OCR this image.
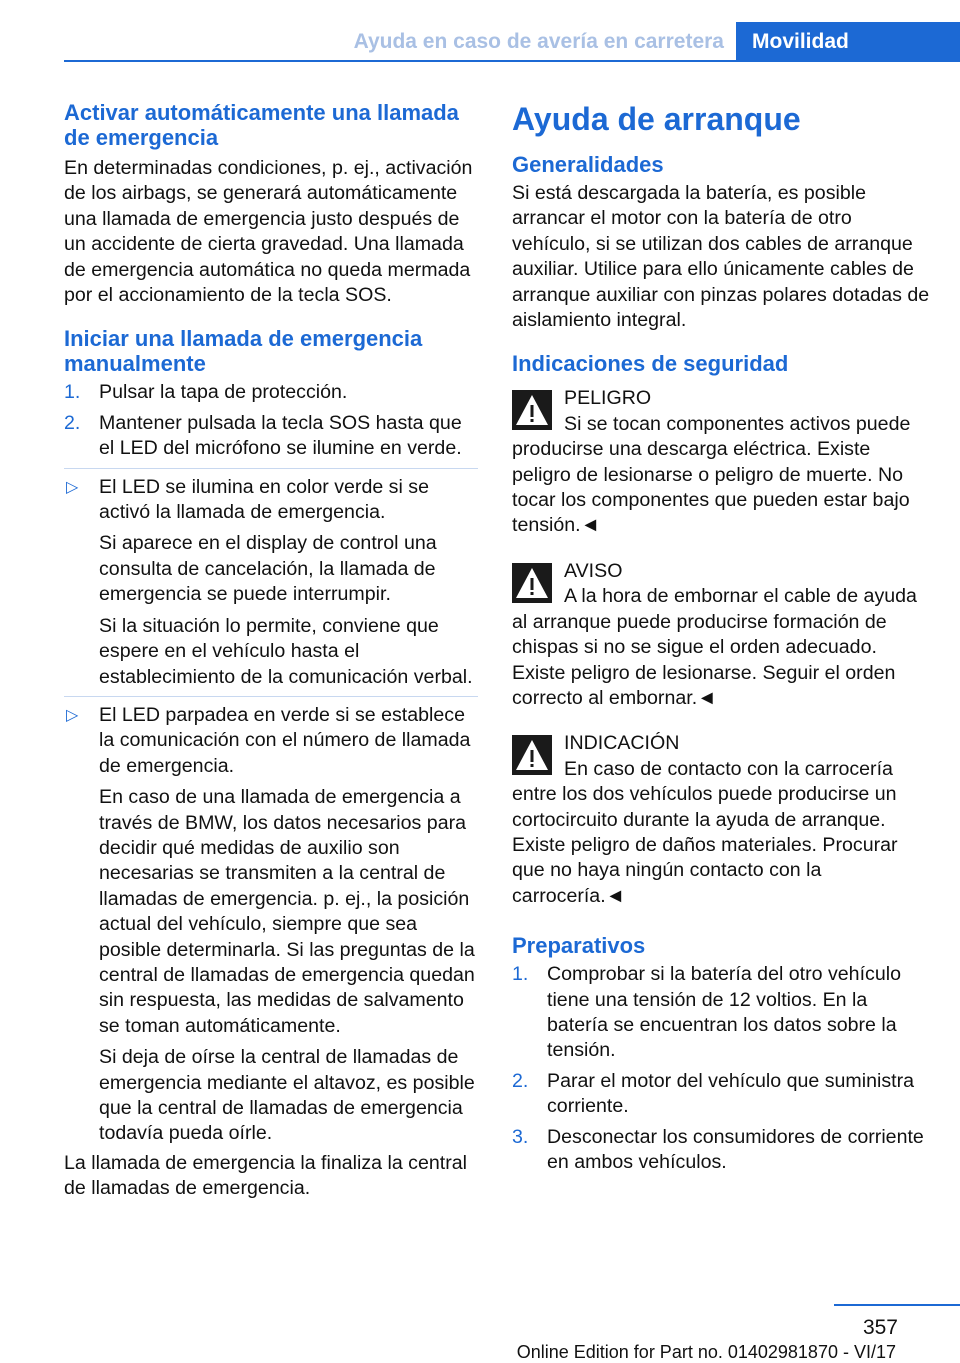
Ayuda en caso de avería en carretera	Movilidad
Activar automáticamente una llamada de emergencia

En determinadas condiciones, p. ej., activación de los airbags, se generará automáticamente una llamada de emergencia justo después de un accidente de cierta gravedad. Una llamada de emergencia automática no queda mermada por el accionamiento de la tecla SOS.

Iniciar una llamada de emergencia manualmente
1. Pulsar la tapa de protección.

2. Mantener pulsada la tecla SOS hasta que el LED del micrófono se ilumine en verde.

▷ El LED se ilumina en color verde si se activó la llamada de emergencia.

Si aparece en el display de control una consulta de cancelación, la llamada de emergencia se puede interrumpir.

Si la situación lo permite, conviene que espere en el vehículo hasta el establecimiento de la comunicación verbal.

▷ El LED parpadea en verde si se establece la comunicación con el número de llamada de emergencia.

En caso de una llamada de emergencia a través de BMW, los datos necesarios para decidir qué medidas de auxilio son necesarias se transmiten a la central de llamadas de emergencia. p. ej., la posición actual del vehículo, siempre que sea posible determinarla. Si las preguntas de la central de llamadas de emergencia quedan sin respuesta, las medidas de salvamento se toman automáticamente.

Si deja de oírse la central de llamadas de emergencia mediante el altavoz, es posible que la central de llamadas de emergencia todavía pueda oírle.

La llamada de emergencia la finaliza la central de llamadas de emergencia.

Ayuda de arranque
Generalidades

Si está descargada la batería, es posible arrancar el motor con la batería de otro vehículo, si se utilizan dos cables de arranque auxiliar. Utilice para ello únicamente cables de arranque auxiliar con pinzas polares dotadas de aislamiento integral.

Indicaciones de seguridad
PELIGRO
Si se tocan componentes activos puede

producirse una descarga eléctrica. Existe peligro de lesionarse o peligro de muerte. No tocar los componentes que pueden estar bajo tensión.◄

AVISO
A la hora de embornar el cable de ayuda

al arranque puede producirse formación de chispas si no se sigue el orden adecuado. Existe peligro de lesionarse. Seguir el orden correcto al embornar.◄

INDICACIÓN
En caso de contacto con la carrocería

entre los dos vehículos puede producirse un cortocircuito durante la ayuda de arranque. Existe peligro de daños materiales. Procurar que no haya ningún contacto con la carrocería.◄

Preparativos
1. Comprobar si la batería del otro vehículo tiene una tensión de 12 voltios. En la batería se encuentran los datos sobre la tensión.

2. Parar el motor del vehículo que suministra corriente.

3. Desconectar los consumidores de corriente en ambos vehículos.

357
Online Edition for Part no. 01402981870 - VI/17
